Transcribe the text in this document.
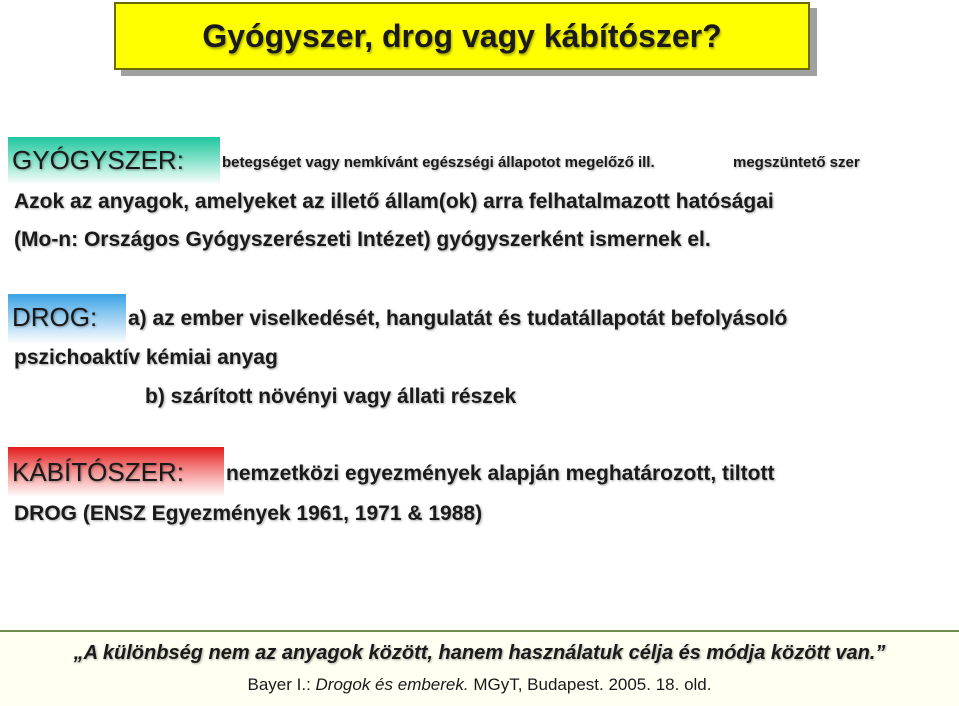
Gyógyszer, drog vagy kábítószer?
GYÓGYSZER:	betegséget vagy nemkívánt egészségi állapotot megelőző ill.	megszüntető szer
Azok az anyagok, amelyeket az illető állam(ok) arra felhatalmazott hatóságai
(Mo-n: Országos Gyógyszerészeti Intézet) gyógyszerként ismernek el.
DROG:	a) az ember viselkedését, hangulatát és tudatállapotát befolyásoló
pszichoaktív kémiai anyag
b) szárított növényi vagy állati részek
KÁBÍTÓSZER:	nemzetközi egyezmények alapján meghatározott, tiltott
DROG (ENSZ Egyezmények 1961, 1971 & 1988)
„A különbség nem az anyagok között, hanem használatuk célja és módja között van.”
Bayer I.: Drogok és emberek. MGyT, Budapest. 2005. 18. old.
